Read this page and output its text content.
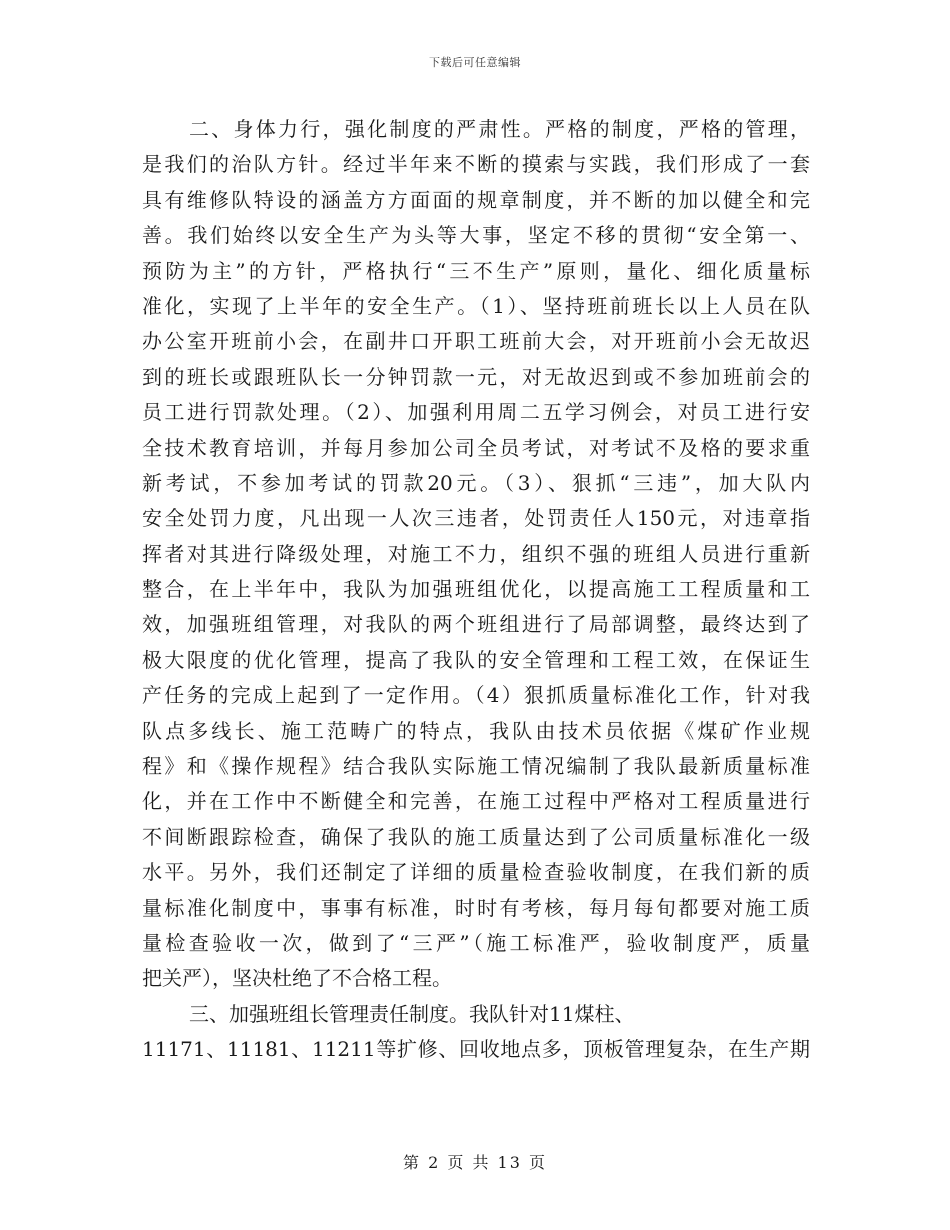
下载后可任意编辑
二、身体力行，强化制度的严肃性。严格的制度，严格的管理，
是我们的治队方针。经过半年来不断的摸索与实践，我们形成了一套
具有维修队特设的涵盖方方面面的规章制度，并不断的加以健全和完
善。我们始终以安全生产为头等大事，坚定不移的贯彻“安全第一、
预防为主”的方针，严格执行“三不生产”原则，量化、细化质量标
准化，实现了上半年的安全生产。（1）、坚持班前班长以上人员在队
办公室开班前小会，在副井口开职工班前大会，对开班前小会无故迟
到的班长或跟班队长一分钟罚款一元，对无故迟到或不参加班前会的
员工进行罚款处理。（2）、加强利用周二五学习例会，对员工进行安
全技术教育培训，并每月参加公司全员考试，对考试不及格的要求重
新考试，不参加考试的罚款20元。（3）、狠抓“三违”，加大队内
安全处罚力度，凡出现一人次三违者，处罚责任人150元，对违章指
挥者对其进行降级处理，对施工不力，组织不强的班组人员进行重新
整合，在上半年中，我队为加强班组优化，以提高施工工程质量和工
效，加强班组管理，对我队的两个班组进行了局部调整，最终达到了
极大限度的优化管理，提高了我队的安全管理和工程工效，在保证生
产任务的完成上起到了一定作用。（4）狠抓质量标准化工作，针对我
队点多线长、施工范畴广的特点，我队由技术员依据《煤矿作业规
程》和《操作规程》结合我队实际施工情况编制了我队最新质量标准
化，并在工作中不断健全和完善，在施工过程中严格对工程质量进行
不间断跟踪检查，确保了我队的施工质量达到了公司质量标准化一级
水平。另外，我们还制定了详细的质量检查验收制度，在我们新的质
量标准化制度中，事事有标准，时时有考核，每月每旬都要对施工质
量检查验收一次，做到了“三严”（施工标准严，验收制度严，质量
把关严），坚决杜绝了不合格工程。
三、加强班组长管理责任制度。我队针对11煤柱、
11171、11181、11211等扩修、回收地点多，顶板管理复杂，在生产期
第 2 页 共 13 页
